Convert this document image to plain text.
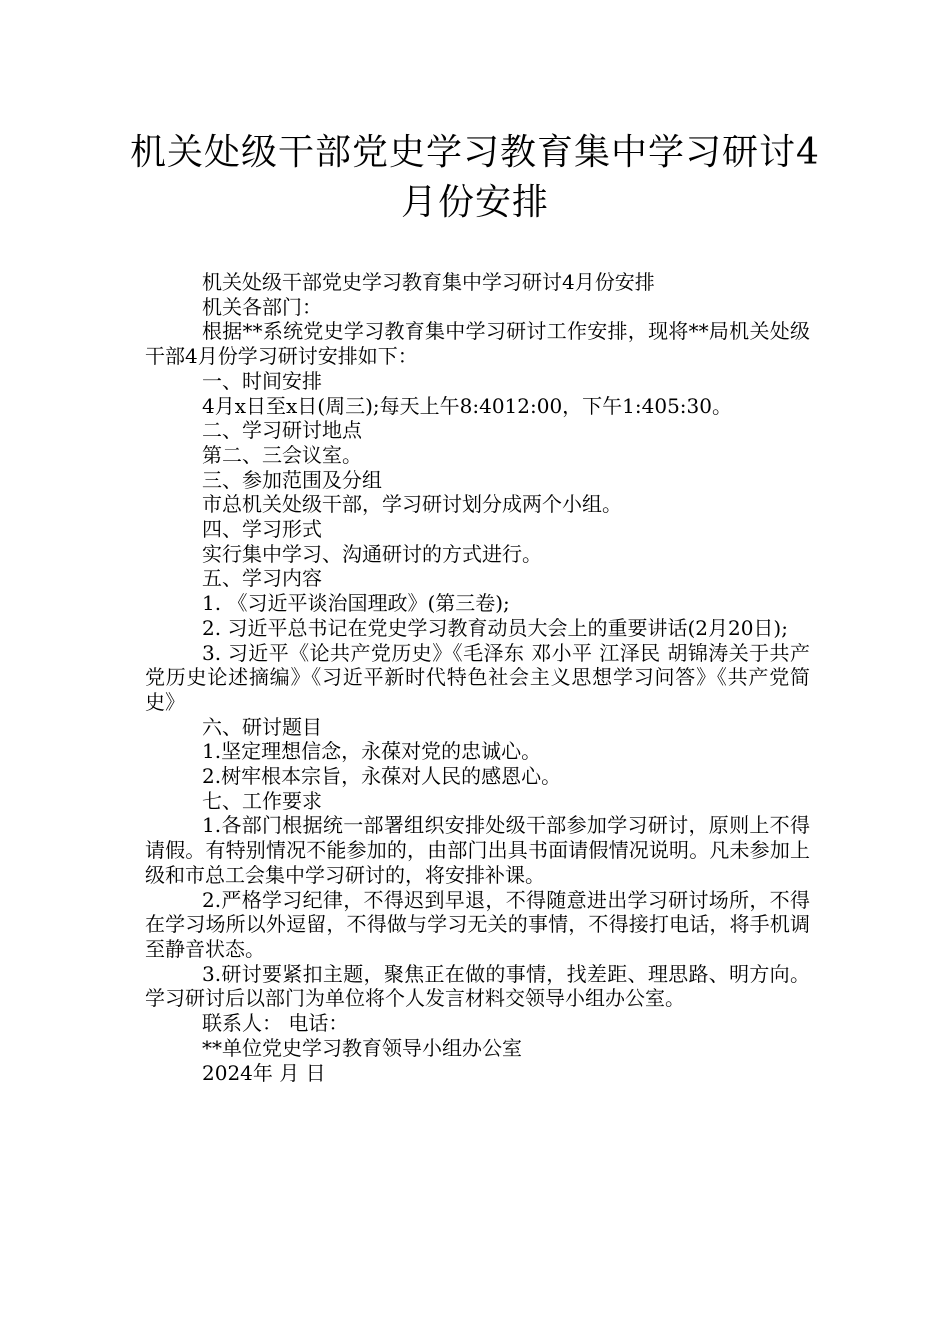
机关处级干部党史学习教育集中学习研讨4
月份安排

机关处级干部党史学习教育集中学习研讨4月份安排

机关各部门：

根据**系统党史学习教育集中学习研讨工作安排，现将**局机关处级干部4月份学习研讨安排如下：

一、时间安排

4月x日至x日(周三);每天上午8:4012:00，下午1:405:30。

二、学习研讨地点

第二、三会议室。

三、参加范围及分组

市总机关处级干部，学习研讨划分成两个小组。

四、学习形式

实行集中学习、沟通研讨的方式进行。

五、学习内容

1. 《习近平谈治国理政》(第三卷);

2. 习近平总书记在党史学习教育动员大会上的重要讲话(2月20日);

3. 习近平《论共产党历史》《毛泽东 邓小平 江泽民 胡锦涛关于共产党历史论述摘编》《习近平新时代特色社会主义思想学习问答》《共产党简史》

六、研讨题目

1.坚定理想信念，永葆对党的忠诚心。

2.树牢根本宗旨，永葆对人民的感恩心。

七、工作要求

1.各部门根据统一部署组织安排处级干部参加学习研讨，原则上不得请假。有特别情况不能参加的，由部门出具书面请假情况说明。凡未参加上级和市总工会集中学习研讨的，将安排补课。

2.严格学习纪律，不得迟到早退，不得随意进出学习研讨场所，不得在学习场所以外逗留，不得做与学习无关的事情，不得接打电话，将手机调至静音状态。

3.研讨要紧扣主题，聚焦正在做的事情，找差距、理思路、明方向。学习研讨后以部门为单位将个人发言材料交领导小组办公室。

联系人： 电话：

**单位党史学习教育领导小组办公室

2024年 月 日
